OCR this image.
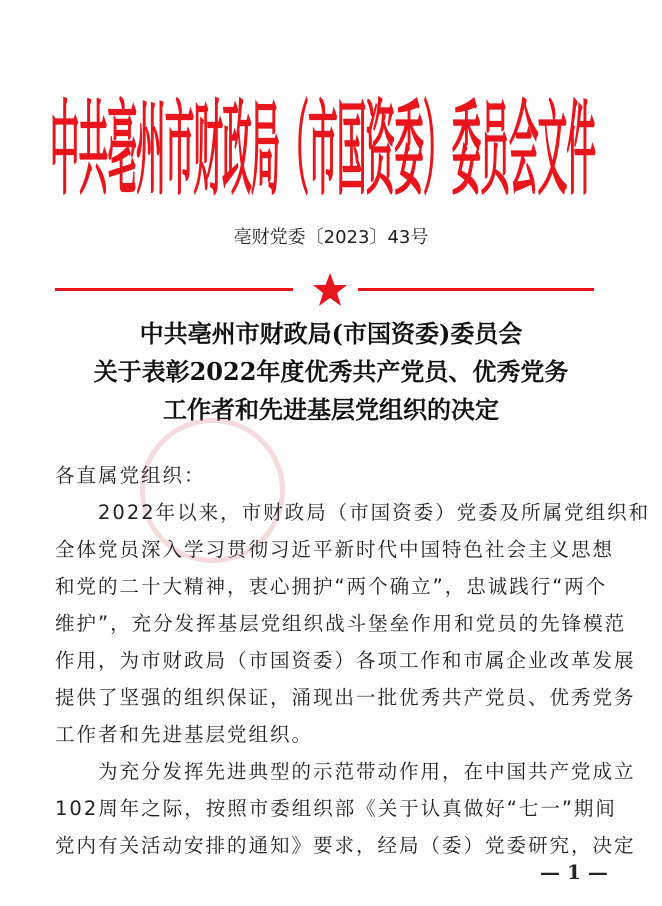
中共亳州市财政局（市国资委）委员会文件
亳财党委〔2023〕43号
中共亳州市财政局(市国资委)委员会
关于表彰2022年度优秀共产党员、优秀党务
工作者和先进基层党组织的决定
各直属党组织：
　　2022年以来，市财政局（市国资委）党委及所属党组织和
全体党员深入学习贯彻习近平新时代中国特色社会主义思想
和党的二十大精神，衷心拥护“两个确立”，忠诚践行“两个
维护”，充分发挥基层党组织战斗堡垒作用和党员的先锋模范
作用，为市财政局（市国资委）各项工作和市属企业改革发展
提供了坚强的组织保证，涌现出一批优秀共产党员、优秀党务
工作者和先进基层党组织。
　　为充分发挥先进典型的示范带动作用，在中国共产党成立
102周年之际，按照市委组织部《关于认真做好“七一”期间
党内有关活动安排的通知》要求，经局（委）党委研究，决定
— 1 —
